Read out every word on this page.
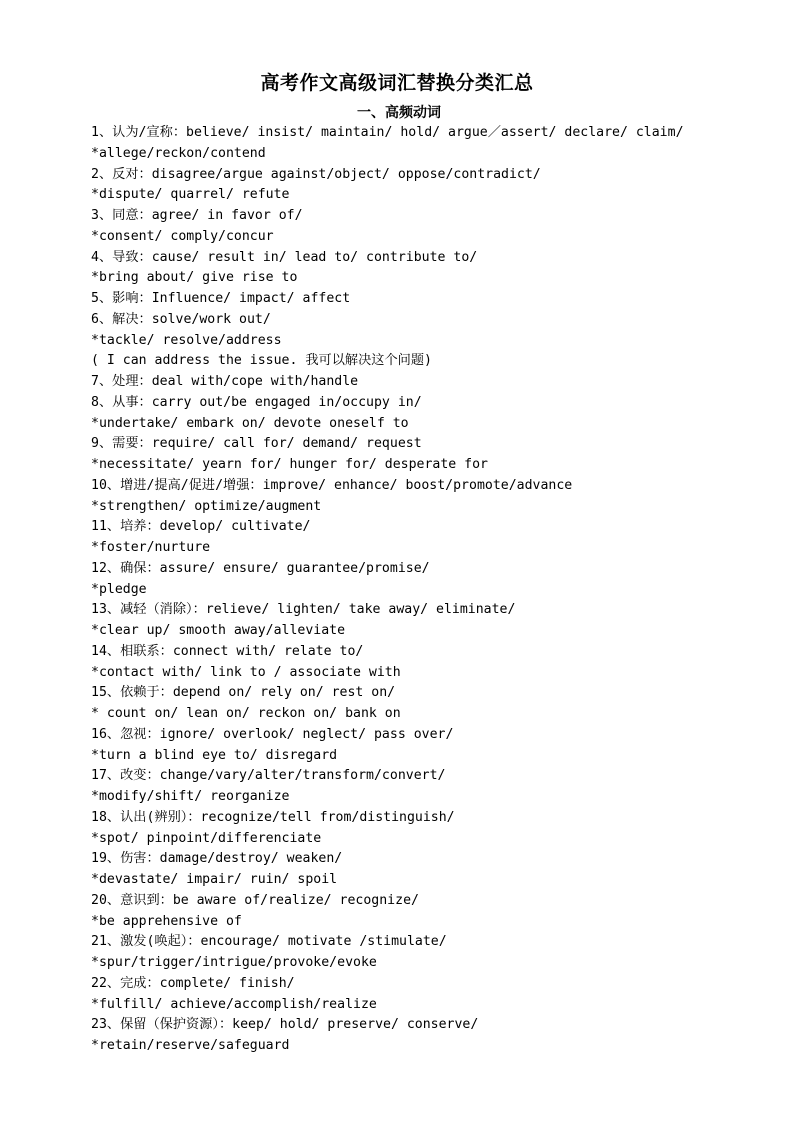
高考作文高级词汇替换分类汇总
一、高频动词
1、认为/宣称：believe/ insist/ maintain/ hold/ argue／assert/ declare/ claim/
*allege/reckon/contend
2、反对：disagree/argue against/object/ oppose/contradict/
*dispute/ quarrel/ refute
3、同意：agree/ in favor of/
*consent/ comply/concur
4、导致：cause/ result in/ lead to/ contribute to/
*bring about/ give rise to
5、影响：Influence/ impact/ affect
6、解决：solve/work out/
*tackle/ resolve/address
( I can address the issue. 我可以解决这个问题)
7、处理：deal with/cope with/handle
8、从事：carry out/be engaged in/occupy in/
*undertake/ embark on/ devote oneself to
9、需要：require/ call for/ demand/ request
*necessitate/ yearn for/ hunger for/ desperate for
10、增进/提高/促进/增强：improve/ enhance/ boost/promote/advance
*strengthen/ optimize/augment
11、培养：develop/ cultivate/
*foster/nurture
12、确保：assure/ ensure/ guarantee/promise/
*pledge
13、减轻（消除）：relieve/ lighten/ take away/ eliminate/
*clear up/ smooth away/alleviate
14、相联系：connect with/ relate to/
*contact with/ link to / associate with
15、依赖于：depend on/ rely on/ rest on/
* count on/ lean on/ reckon on/ bank on
16、忽视：ignore/ overlook/ neglect/ pass over/
*turn a blind eye to/ disregard
17、改变：change/vary/alter/transform/convert/
*modify/shift/ reorganize
18、认出(辨别）：recognize/tell from/distinguish/
*spot/ pinpoint/differenciate
19、伤害：damage/destroy/ weaken/
*devastate/ impair/ ruin/ spoil
20、意识到：be aware of/realize/ recognize/
*be apprehensive of
21、激发(唤起）：encourage/ motivate /stimulate/
*spur/trigger/intrigue/provoke/evoke
22、完成：complete/ finish/
*fulfill/ achieve/accomplish/realize
23、保留（保护资源）：keep/ hold/ preserve/ conserve/
*retain/reserve/safeguard
